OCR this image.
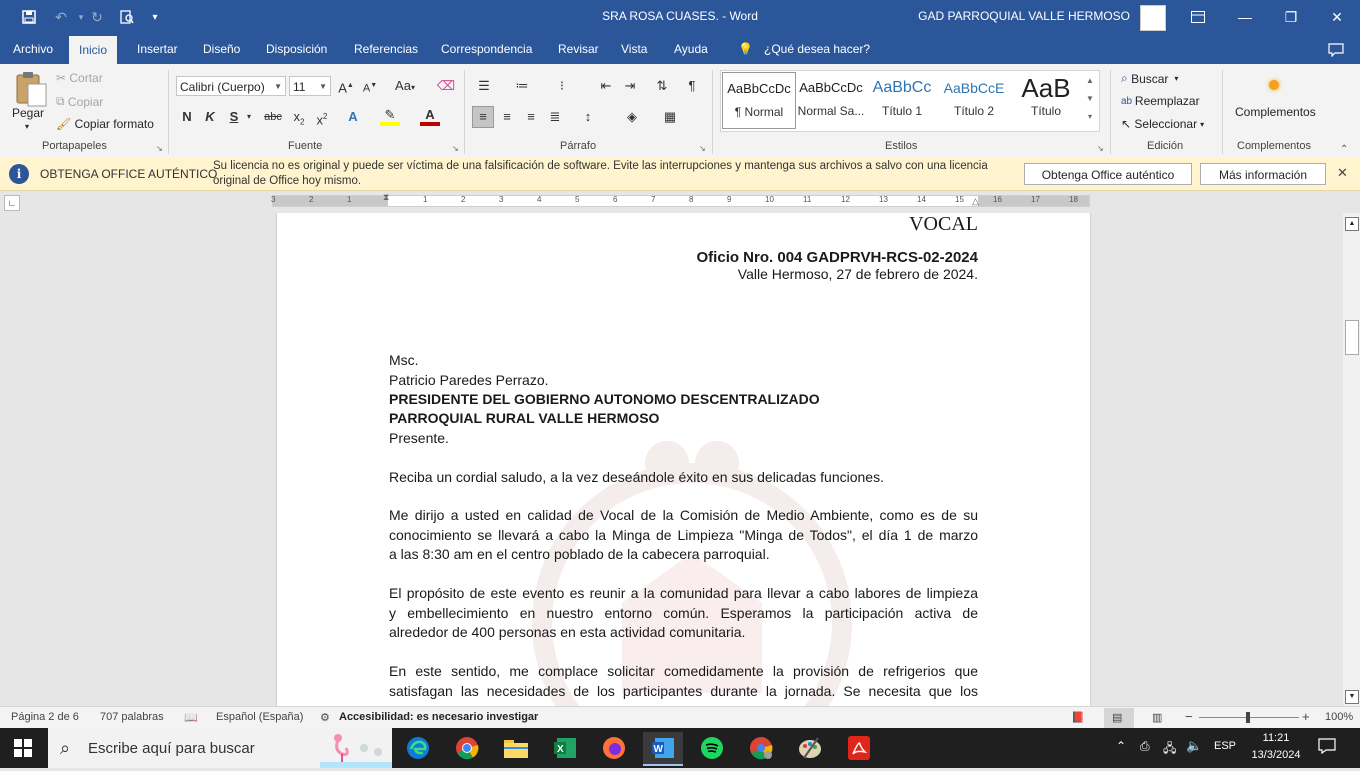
↶	▾ ↻	▾	SRA ROSA CUASES. - Word	GAD PARROQUIAL VALLE HERMOSO	—	❐	✕
Archivo	Inicio	Insertar	Diseño	Disposición	Referencias	Correspondencia	Revisar	Vista	Ayuda	💡 ¿Qué desea hacer?
Pegar
▾
✂ Cortar
⧉ Copiar
🖌 Copiar formato
Portapapeles	↘
Calibri (Cuerpo) ▼ 11 ▼ A▲ A▼ Aa▾ ⌫
N	K	S	▾	abc $x_2$ $x^2$	A	✎	A
Fuente	↘
☰	≔	⁝	⇤	⇥	⇅	¶
≡	≡	≡	≣	↕	◈	▦
Párrafo	↘
AaBbCcDc
¶ Normal
AaBbCcDc
Normal Sa...
AaBbCc
Título 1
AaBbCcE
Título 2
AaB
Título
▲
▼
▾
Estilos	↘
⌕ Buscar ▾
ab Reemplazar
↖ Seleccionar ▾
Edición
Complementos
Complementos	⌃
i	OBTENGA OFFICE AUTÉNTICO
Su licencia no es original y puede ser víctima de una falsificación de software. Evite las interrupciones y mantenga sus archivos a salvo con una licencia
original de Office hoy mismo.	Obtenga Office auténtico	Más información	✕
∟	3	2	1	1	2	3	4	5	6	7	8	9	10	11	12	13	14	15	16	17	18
⧗	△
VOCAL
Oficio Nro. 004 GADPRVH-RCS-02-2024
Valle Hermoso, 27 de febrero de 2024.
Msc.
Patricio Paredes Perrazo.
PRESIDENTE DEL GOBIERNO AUTONOMO DESCENTRALIZADO
PARROQUIAL RURAL VALLE HERMOSO
Presente.
Reciba un cordial saludo, a la vez deseándole éxito en sus delicadas funciones.
Me dirijo a usted en calidad de Vocal de la Comisión de Medio Ambiente, como es de su
conocimiento se llevará a cabo la Minga de Limpieza "Minga de Todos", el día 1 de marzo
a las 8:30 am en el centro poblado de la cabecera parroquial.
El propósito de este evento es reunir a la comunidad para llevar a cabo labores de limpieza
y embellecimiento en nuestro entorno común. Esperamos la participación activa de
alrededor de 400 personas en esta actividad comunitaria.
En este sentido, me complace solicitar comedidamente la provisión de refrigerios que
satisfagan las necesidades de los participantes durante la jornada. Se necesita que los
▲
▼
Página 2 de 6 707 palabras 📖 Español (España) ⚙ Accesibilidad: es necesario investigar	📕 ▤	▥ −	+ 100%
⌕ Escribe aquí para buscar	X	W	⌃ ⎙ 🖧 🔈 ESP
11:21
13/3/2024
